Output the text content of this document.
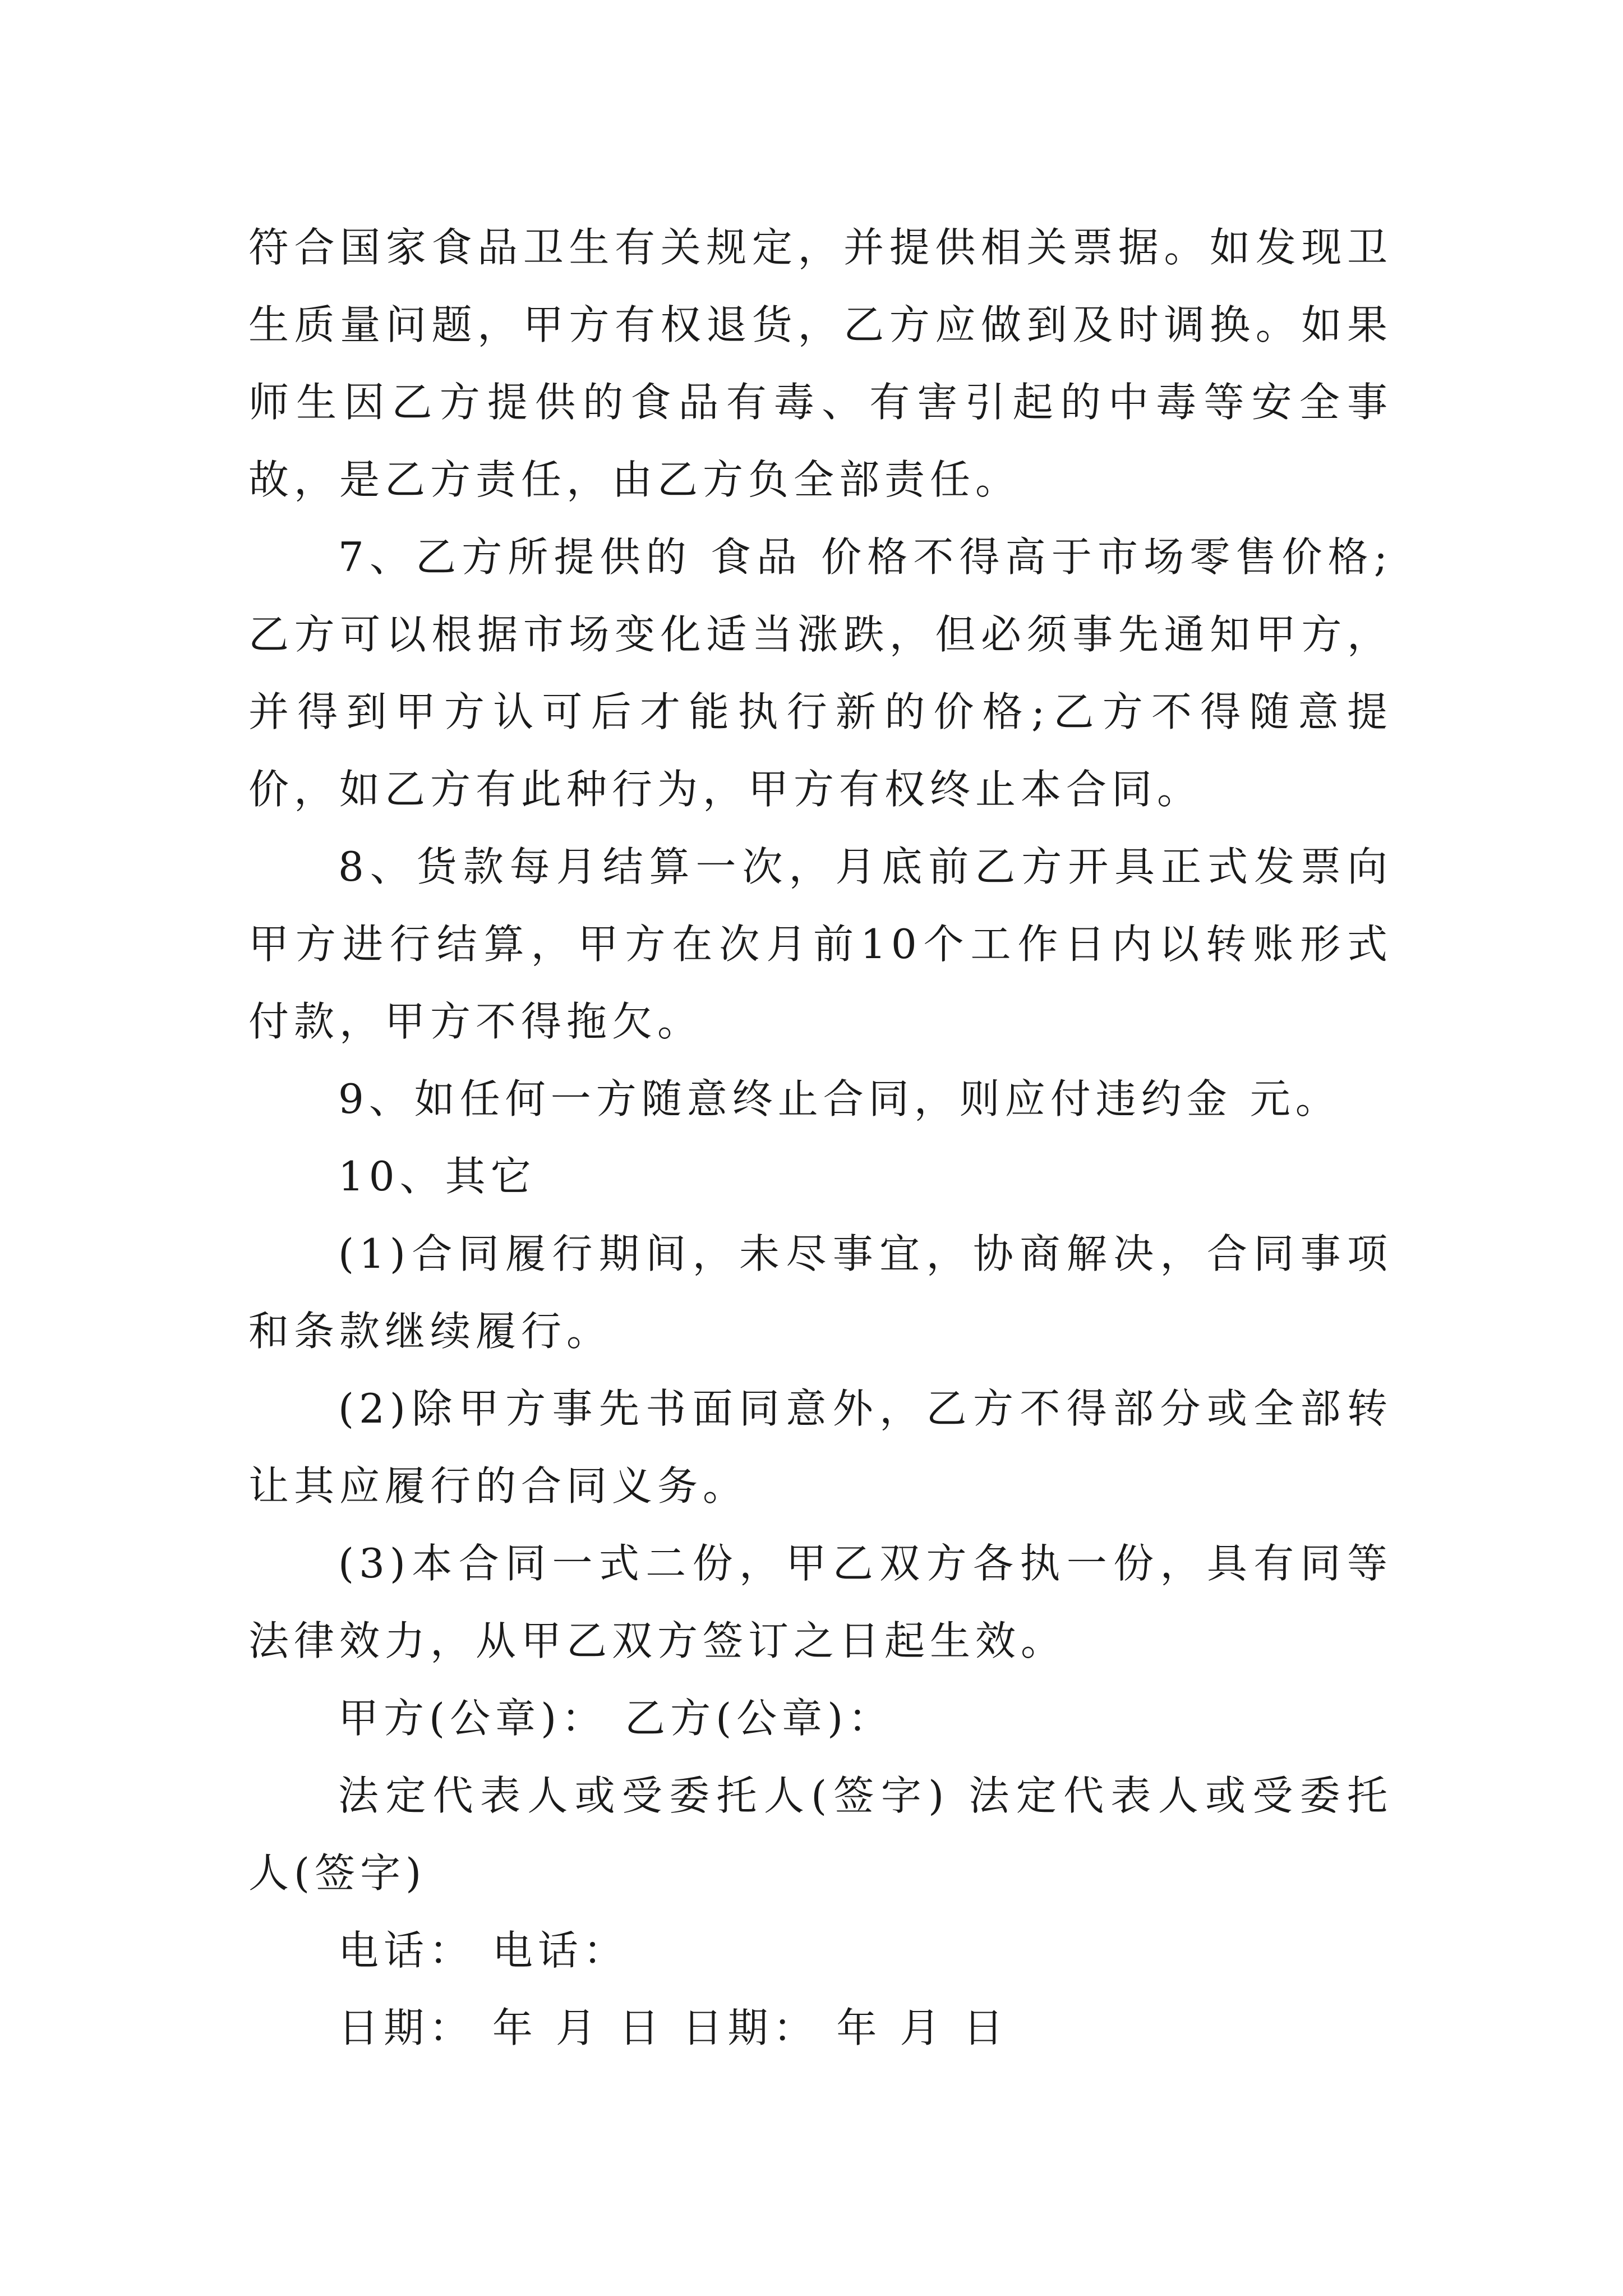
符合国家食品卫生有关规定，并提供相关票据。如发现卫生质量问题，甲方有权退货，乙方应做到及时调换。如果师生因乙方提供的食品有毒、有害引起的中毒等安全事故，是乙方责任，由乙方负全部责任。

7、乙方所提供的 食品 价格不得高于市场零售价格;乙方可以根据市场变化适当涨跌，但必须事先通知甲方，并得到甲方认可后才能执行新的价格;乙方不得随意提价，如乙方有此种行为，甲方有权终止本合同。

8、货款每月结算一次，月底前乙方开具正式发票向甲方进行结算，甲方在次月前10个工作日内以转账形式付款，甲方不得拖欠。

9、如任何一方随意终止合同，则应付违约金 元。

10、其它

(1)合同履行期间，未尽事宜，协商解决，合同事项和条款继续履行。

(2)除甲方事先书面同意外，乙方不得部分或全部转让其应履行的合同义务。

(3)本合同一式二份，甲乙双方各执一份，具有同等法律效力，从甲乙双方签订之日起生效。

甲方(公章)： 乙方(公章)：

法定代表人或受委托人(签字) 法定代表人或受委托人(签字)

电话： 电话：

日期： 年 月 日 日期： 年 月 日
